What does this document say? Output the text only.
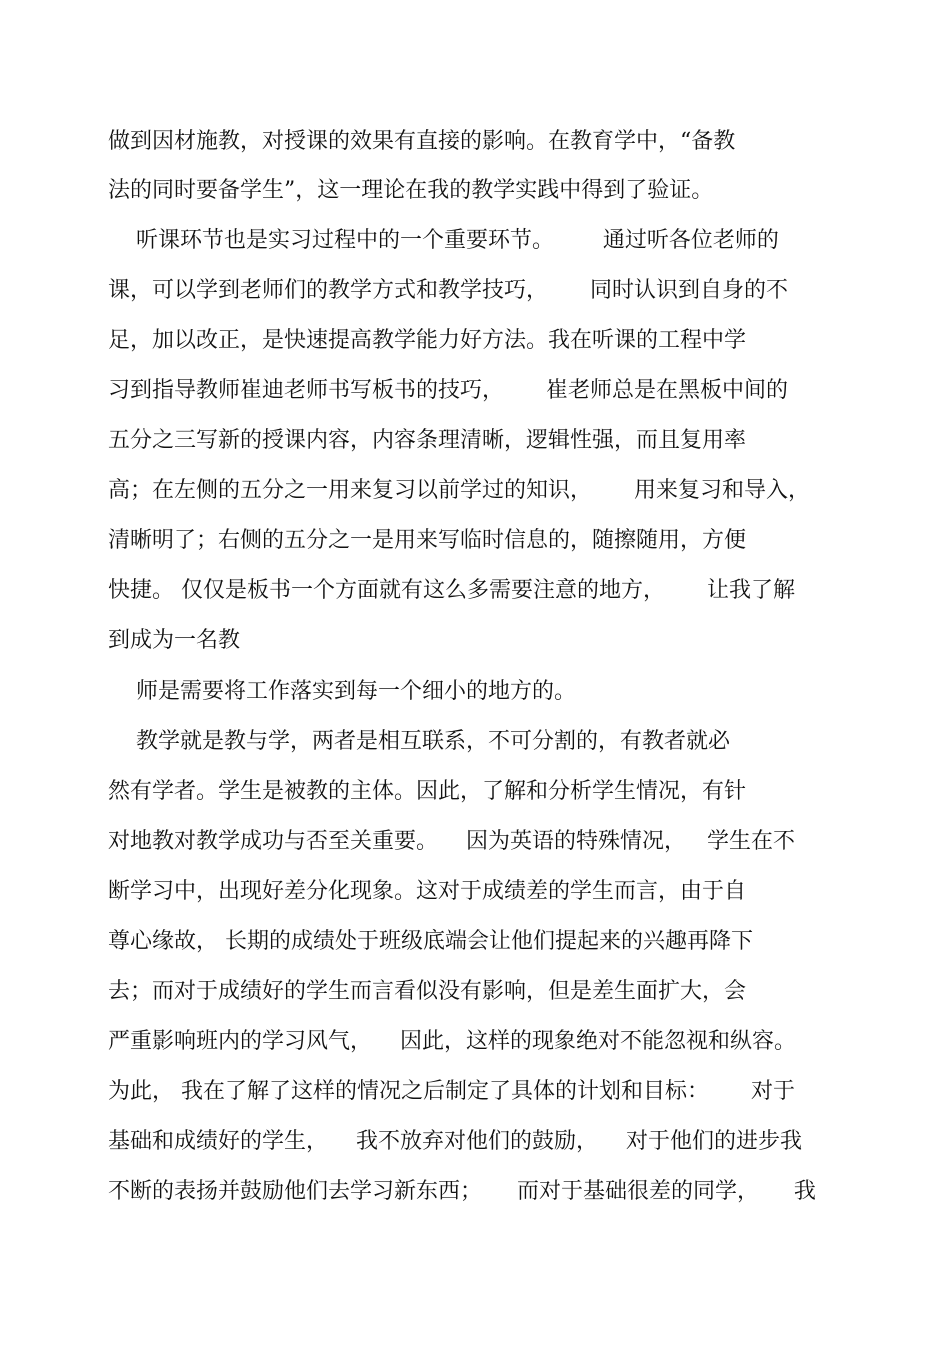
做到因材施教，对授课的效果有直接的影响。在教育学中，“备教

法的同时要备学生”，这一理论在我的教学实践中得到了验证。

听课环节也是实习过程中的一个重要环节。       通过听各位老师的

课，可以学到老师们的教学方式和教学技巧，      同时认识到自身的不

足，加以改正，是快速提高教学能力好方法。我在听课的工程中学

习到指导教师崔迪老师书写板书的技巧，      崔老师总是在黑板中间的

五分之三写新的授课内容，内容条理清晰，逻辑性强，而且复用率

高；在左侧的五分之一用来复习以前学过的知识，      用来复习和导入，

清晰明了；右侧的五分之一是用来写临时信息的，随擦随用，方便

快捷。 仅仅是板书一个方面就有这么多需要注意的地方，      让我了解

到成为一名教

师是需要将工作落实到每一个细小的地方的。

教学就是教与学，两者是相互联系，不可分割的，有教者就必

然有学者。学生是被教的主体。因此，了解和分析学生情况，有针

对地教对教学成功与否至关重要。    因为英语的特殊情况，   学生在不

断学习中，出现好差分化现象。这对于成绩差的学生而言，由于自

尊心缘故， 长期的成绩处于班级底端会让他们提起来的兴趣再降下

去；而对于成绩好的学生而言看似没有影响，但是差生面扩大，会

严重影响班内的学习风气，    因此，这样的现象绝对不能忽视和纵容。

为此， 我在了解了这样的情况之后制定了具体的计划和目标：      对于

基础和成绩好的学生，    我不放弃对他们的鼓励，    对于他们的进步我

不断的表扬并鼓励他们去学习新东西；     而对于基础很差的同学，     我
